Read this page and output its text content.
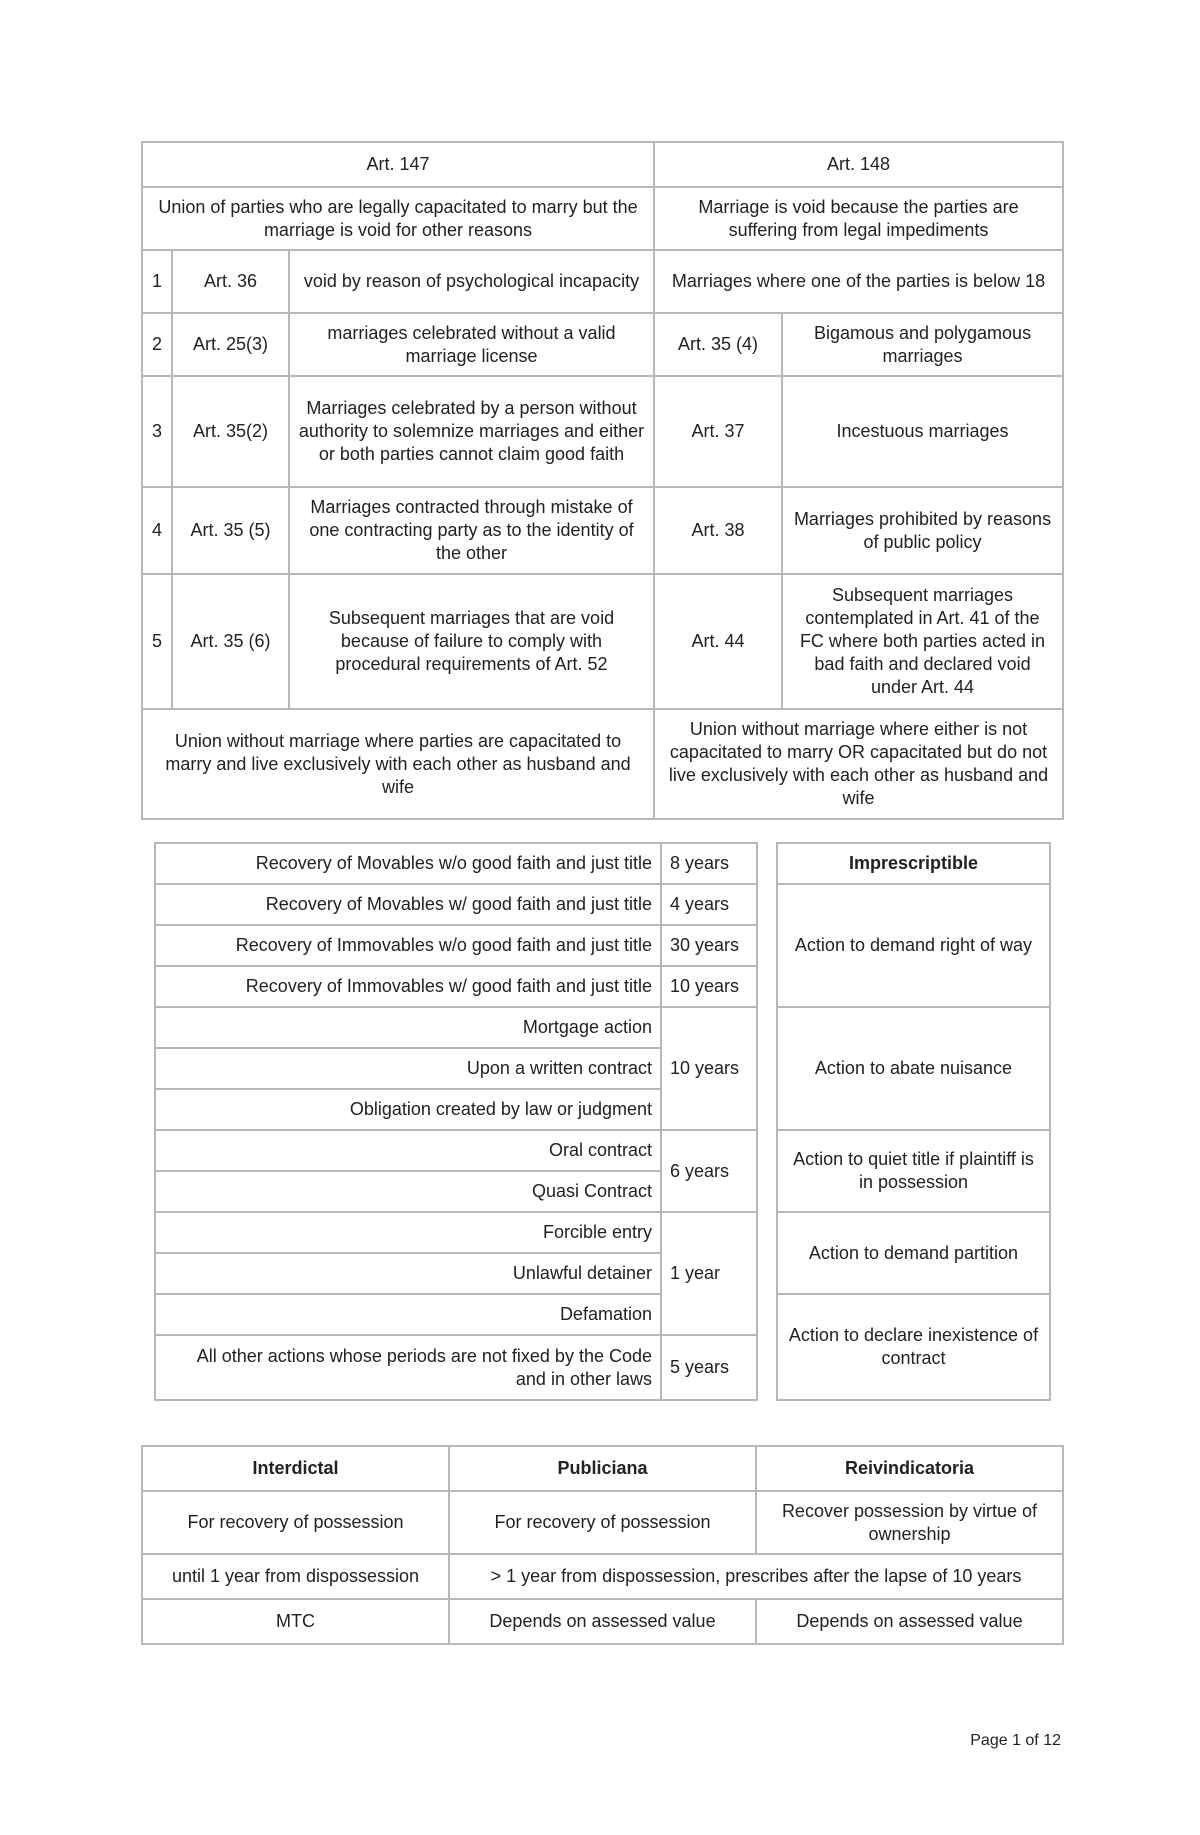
Art. 147			Art. 148	
Union of parties who are legally capacitated to marry but the marriage is void for other reasons			Marriage is void because the parties are suffering from legal impediments	
1	Art. 36	void by reason of psychological incapacity	Marriages where one of the parties is below 18	
2	Art. 25(3)	marriages celebrated without a valid marriage license	Art. 35 (4)	Bigamous and polygamous marriages
3	Art. 35(2)	Marriages celebrated by a person without authority to solemnize marriages and either or both parties cannot claim good faith	Art. 37	Incestuous marriages
4	Art. 35 (5)	Marriages contracted through mistake of one contracting party as to the identity of the other	Art. 38	Marriages prohibited by reasons of public policy
5	Art. 35 (6)	Subsequent marriages that are void because of failure to comply with procedural requirements of Art. 52	Art. 44	Subsequent marriages contemplated in Art. 41 of the FC where both parties acted in bad faith and declared void under Art. 44
Union without marriage where parties are capacitated to marry and live exclusively with each other as husband and wife			Union without marriage where either is not capacitated to marry OR capacitated but do not live exclusively with each other as husband and wife	
Recovery of Movables w/o good faith and just title	8 years		Imprescriptible
Recovery of Movables w/ good faith and just title	4 years		Action to demand right of way
Recovery of Immovables w/o good faith and just title	30 years		
Recovery of Immovables w/ good faith and just title	10 years		
Mortgage action	10 years		Action to abate nuisance
Upon a written contract			
Obligation created by law or judgment			
Oral contract	6 years		Action to quiet title if plaintiff is in possession
Quasi Contract			
Forcible entry	1 year		Action to demand partition
Unlawful detainer			
Defamation			Action to declare inexistence of contract
All other actions whose periods are not fixed by the Code and in other laws	5 years		
Interdictal	Publiciana	Reivindicatoria
For recovery of possession	For recovery of possession	Recover possession by virtue of ownership
until 1 year from dispossession	> 1 year from dispossession, prescribes after the lapse of 10 years	
MTC	Depends on assessed value	Depends on assessed value
Page 1 of 12
